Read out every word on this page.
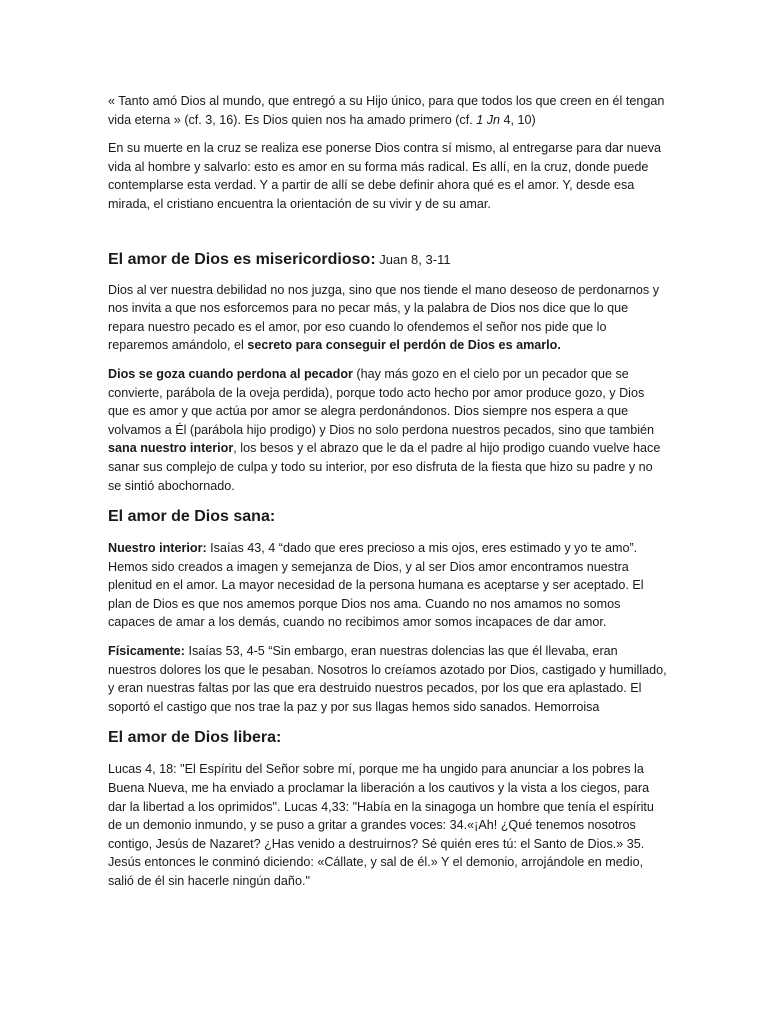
« Tanto amó Dios al mundo, que entregó a su Hijo único, para que todos los que creen en él tengan vida eterna » (cf. 3, 16). Es Dios quien nos ha amado primero (cf. 1 Jn 4, 10)

En su muerte en la cruz se realiza ese ponerse Dios contra sí mismo, al entregarse para dar nueva vida al hombre y salvarlo: esto es amor en su forma más radical. Es allí, en la cruz, donde puede contemplarse esta verdad. Y a partir de allí se debe definir ahora qué es el amor. Y, desde esa mirada, el cristiano encuentra la orientación de su vivir y de su amar.

El amor de Dios es misericordioso: Juan 8, 3-11

Dios al ver nuestra debilidad no nos juzga, sino que nos tiende el mano deseoso de perdonarnos y nos invita a que nos esforcemos para no pecar más, y la palabra de Dios nos dice que lo que repara nuestro pecado es el amor, por eso cuando lo ofendemos el señor nos pide que lo reparemos amándolo, el secreto para conseguir el perdón de Dios es amarlo.

Dios se goza cuando perdona al pecador (hay más gozo en el cielo por un pecador que se convierte, parábola de la oveja perdida), porque todo acto hecho por amor produce gozo, y Dios que es amor y que actúa por amor se alegra perdonándonos. Dios siempre nos espera a que volvamos a Él (parábola hijo prodigo) y Dios no solo perdona nuestros pecados, sino que también sana nuestro interior, los besos y el abrazo que le da el padre al hijo prodigo cuando vuelve hace sanar sus complejo de culpa y todo su interior, por eso disfruta de la fiesta que hizo su padre y no se sintió abochornado.

El amor de Dios sana:

Nuestro interior: Isaías 43, 4 “dado que eres precioso a mis ojos, eres estimado y yo te amo”. Hemos sido creados a imagen y semejanza de Dios, y al ser Dios amor encontramos nuestra plenitud en el amor. La mayor necesidad de la persona humana es aceptarse y ser aceptado. El plan de Dios es que nos amemos porque Dios nos ama. Cuando no nos amamos no somos capaces de amar a los demás, cuando no recibimos amor somos incapaces de dar amor.

Físicamente: Isaías 53, 4-5 “Sin embargo, eran nuestras dolencias las que él llevaba, eran nuestros dolores los que le pesaban. Nosotros lo creíamos azotado por Dios, castigado y humillado, y eran nuestras faltas por las que era destruido nuestros pecados, por los que era aplastado. El soportó el castigo que nos trae la paz y por sus llagas hemos sido sanados. Hemorroisa

El amor de Dios libera:

Lucas 4, 18: "El Espíritu del Señor sobre mí, porque me ha ungido para anunciar a los pobres la Buena Nueva, me ha enviado a proclamar la liberación a los cautivos y la vista a los ciegos, para dar la libertad a los oprimidos". Lucas 4,33: "Había en la sinagoga un hombre que tenía el espíritu de un demonio inmundo, y se puso a gritar a grandes voces: 34.«¡Ah! ¿Qué tenemos nosotros contigo, Jesús de Nazaret? ¿Has venido a destruirnos? Sé quién eres tú: el Santo de Dios.» 35. Jesús entonces le conminó diciendo: «Cállate, y sal de él.» Y el demonio, arrojándole en medio, salió de él sin hacerle ningún daño."
